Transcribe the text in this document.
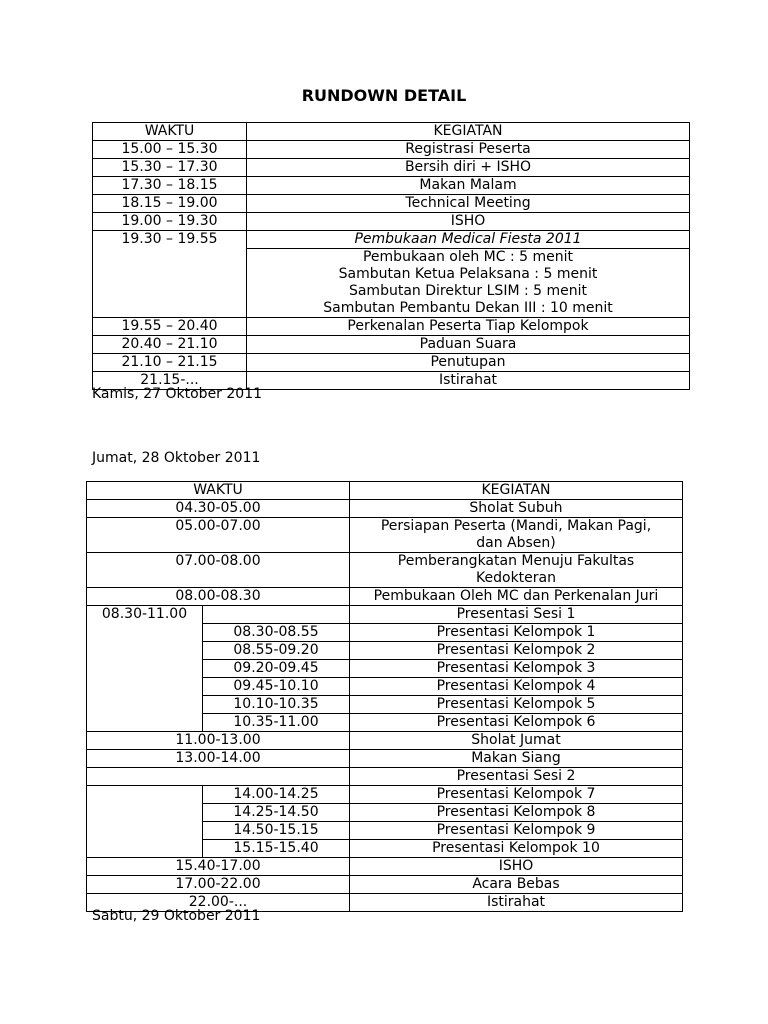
RUNDOWN DETAIL
WAKTU	KEGIATAN
15.00 – 15.30	Registrasi Peserta
15.30 – 17.30	Bersih diri + ISHO
17.30 – 18.15	Makan Malam
18.15 – 19.00	Technical Meeting
19.00 – 19.30	ISHO
19.30 – 19.55	Pembukaan Medical Fiesta 2011

	Pembukaan oleh MC : 5 menit
Sambutan Ketua Pelaksana : 5 menit
Sambutan Direktur LSIM : 5 menit
Sambutan Pembantu Dekan III : 10 menit

19.55 – 20.40	Perkenalan Peserta Tiap Kelompok
20.40 – 21.10	Paduan Suara
21.10 – 21.15	Penutupan
21.15-...	Istirahat
Kamis, 27 Oktober 2011
Jumat, 28 Oktober 2011
WAKTU		KEGIATAN
04.30-05.00		Sholat Subuh
05.00-07.00		Persiapan Peserta (Mandi, Makan Pagi,
dan Absen)

07.00-08.00		Pemberangkatan Menuju Fakultas
Kedokteran

08.00-08.30		Pembukaan Oleh MC dan Perkenalan Juri
08.30-11.00		Presentasi Sesi 1
	08.30-08.55	Presentasi Kelompok 1
	08.55-09.20	Presentasi Kelompok 2
	09.20-09.45	Presentasi Kelompok 3
	09.45-10.10	Presentasi Kelompok 4
	10.10-10.35	Presentasi Kelompok 5
	10.35-11.00	Presentasi Kelompok 6
11.00-13.00		Sholat Jumat
13.00-14.00		Makan Siang
		Presentasi Sesi 2
	14.00-14.25	Presentasi Kelompok 7
	14.25-14.50	Presentasi Kelompok 8
	14.50-15.15	Presentasi Kelompok 9
	15.15-15.40	Presentasi Kelompok 10
15.40-17.00		ISHO
17.00-22.00		Acara Bebas
22.00-...		Istirahat
Sabtu, 29 Oktober 2011
